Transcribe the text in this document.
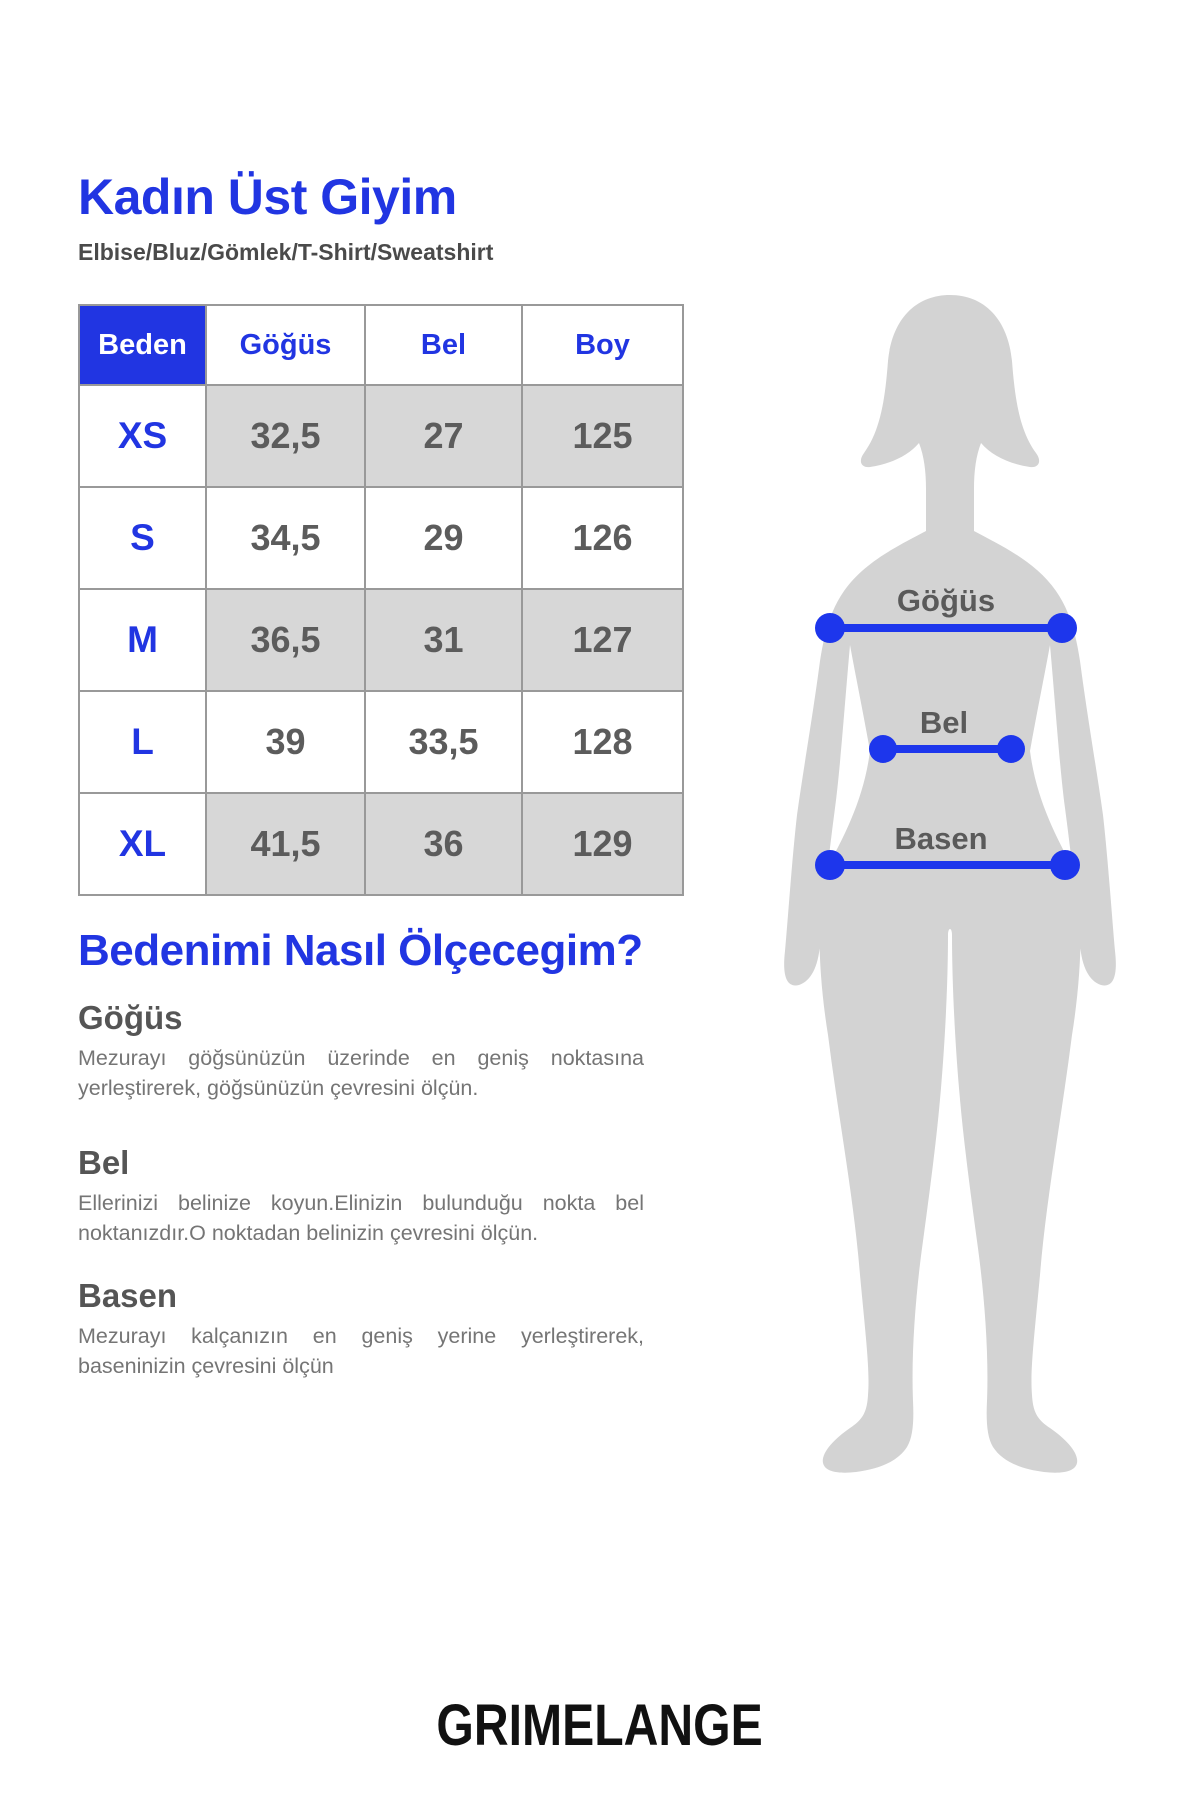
Kadın Üst Giyim
Elbise/Bluz/Gömlek/T-Shirt/Sweatshirt
Beden	Göğüs	Bel	Boy
XS	32,5	27	125
S	34,5	29	126
M	36,5	31	127
L	39	33,5	128
XL	41,5	36	129
Bedenimi Nasıl Ölçecegim?
Göğüs

Mezurayı göğsünüzün üzerinde en geniş noktasına yerleştirerek, göğsünüzün çevresini ölçün.

Bel

Ellerinizi belinize koyun.Elinizin bulunduğu nokta bel noktanızdır.O noktadan belinizin çevresini ölçün.

Basen

Mezurayı kalçanızın en geniş yerine yerleştirerek, baseninizin çevresini ölçün

Göğüs
Bel
Basen
GRIMELANGE
